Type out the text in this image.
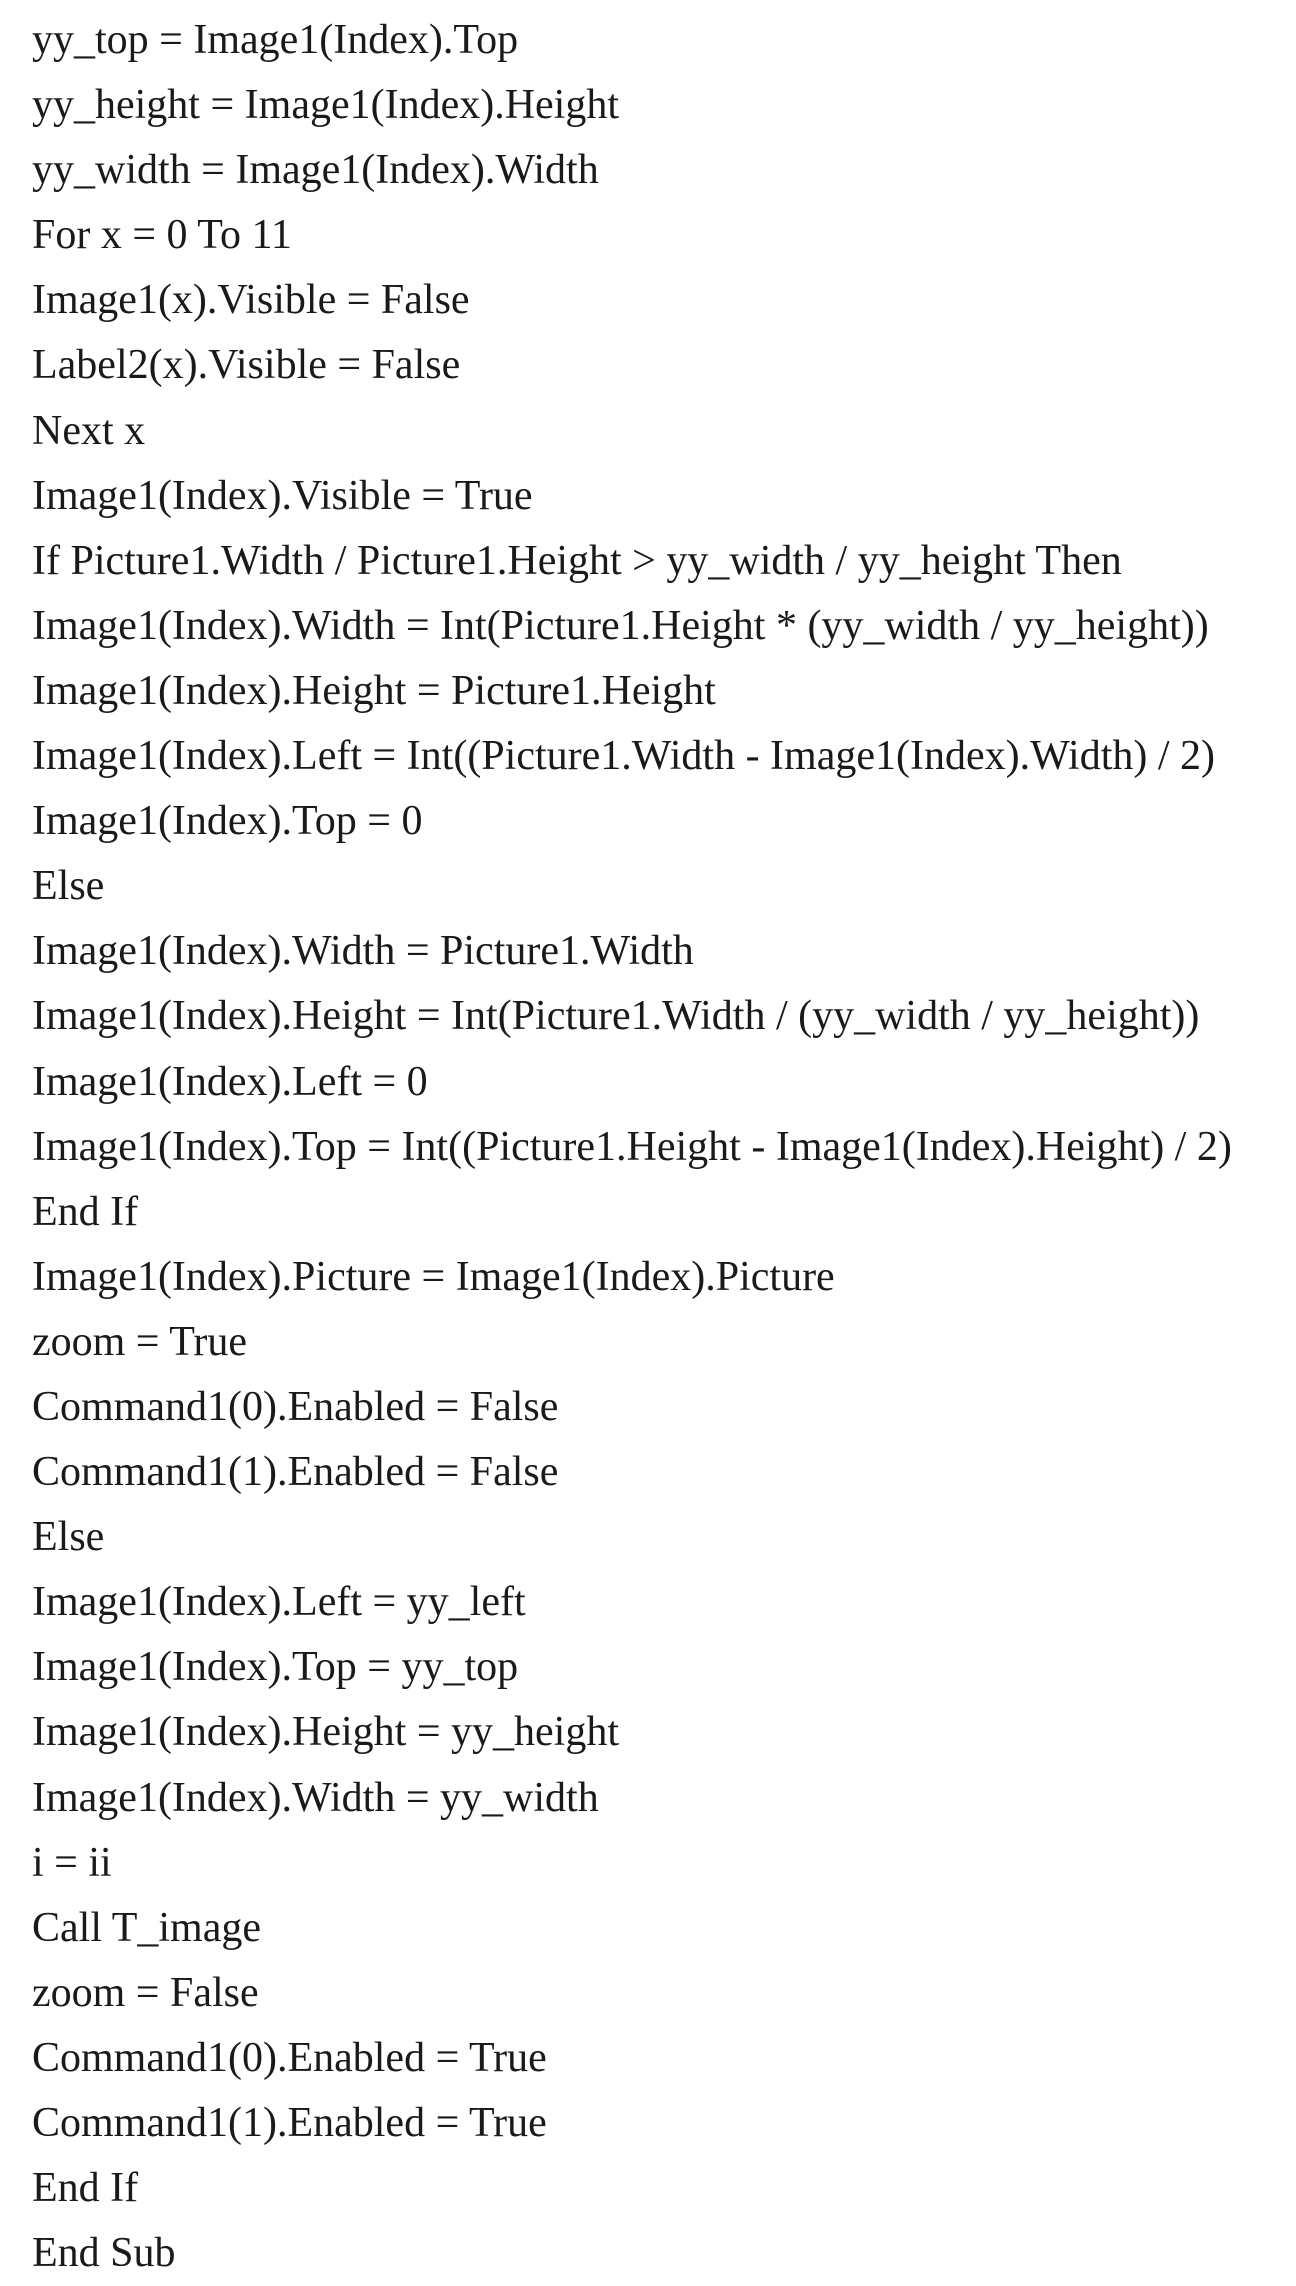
yy_top = Image1(Index).Top
yy_height = Image1(Index).Height
yy_width = Image1(Index).Width
For x = 0 To 11
Image1(x).Visible = False
Label2(x).Visible = False
Next x
Image1(Index).Visible = True
If Picture1.Width / Picture1.Height > yy_width / yy_height Then
Image1(Index).Width = Int(Picture1.Height * (yy_width / yy_height))
Image1(Index).Height = Picture1.Height
Image1(Index).Left = Int((Picture1.Width - Image1(Index).Width) / 2)
Image1(Index).Top = 0
Else
Image1(Index).Width = Picture1.Width
Image1(Index).Height = Int(Picture1.Width / (yy_width / yy_height))
Image1(Index).Left = 0
Image1(Index).Top = Int((Picture1.Height - Image1(Index).Height) / 2)
End If
Image1(Index).Picture = Image1(Index).Picture
zoom = True
Command1(0).Enabled = False
Command1(1).Enabled = False
Else
Image1(Index).Left = yy_left
Image1(Index).Top = yy_top
Image1(Index).Height = yy_height
Image1(Index).Width = yy_width
i = ii
Call T_image
zoom = False
Command1(0).Enabled = True
Command1(1).Enabled = True
End If
End Sub
